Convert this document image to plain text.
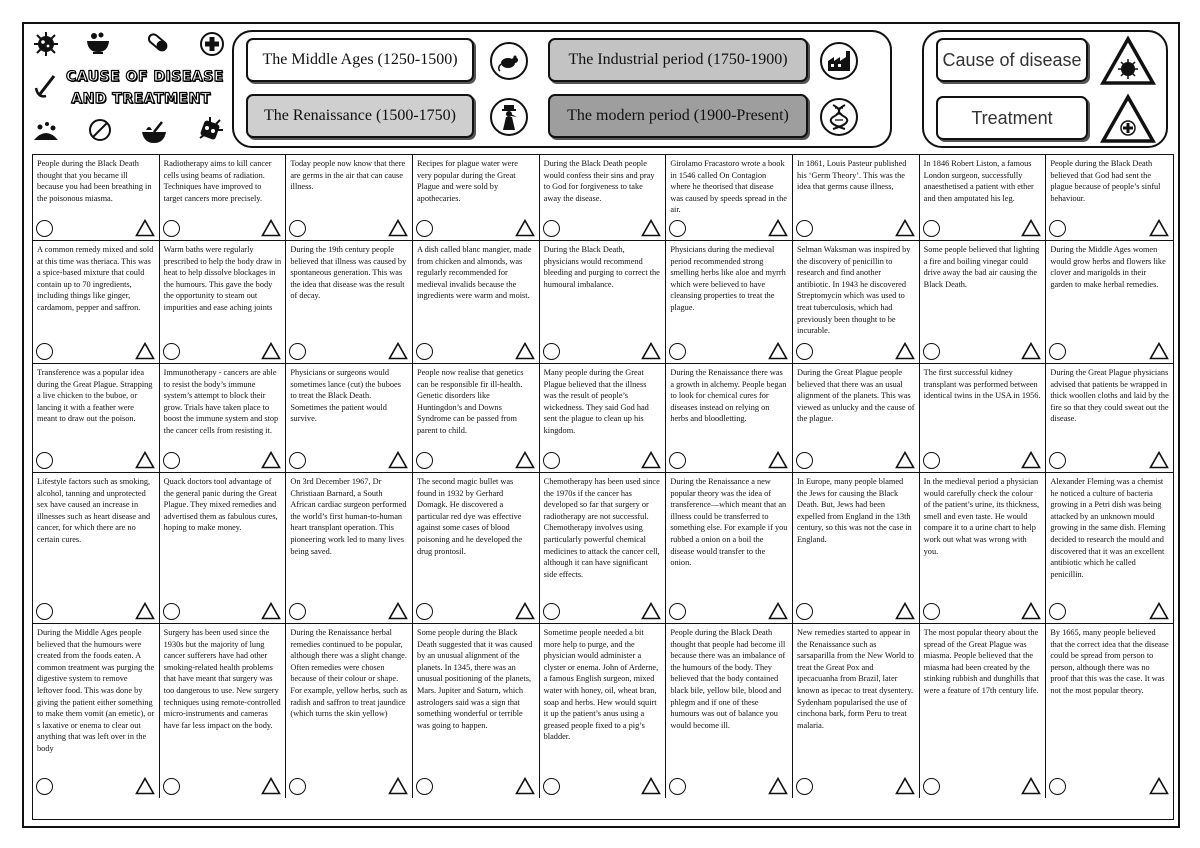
CAUSE OF DISEASE
AND TREATMENT
The Middle Ages (1250-1500)
The Renaissance (1500-1750)
The Industrial period (1750-1900)
The modern period (1900-Present)
Cause of disease
Treatment
People during the Black Death thought that you became ill because you had been breathing in the poisonous miasma.
Radiotherapy aims to kill cancer cells using beams of radiation. Techniques have improved to target cancers more precisely.
Today people now know that there are germs in the air that can cause illness.
Recipes for plague water were very popular during the Great Plague and were sold by apothecaries.
During the Black Death people would confess their sins and pray to God for forgiveness to take away the disease.
Girolamo Fracastoro wrote a book in 1546 called On Contagion where he theorised that disease was caused by speeds spread in the air.
In 1861, Louis Pasteur published his ‘Germ Theory’. This was the idea that germs cause illness,
In 1846 Robert Liston, a famous London surgeon, successfully anaesthetised a patient with ether and then amputated his leg.
People during the Black Death believed that God had sent the plague because of people’s sinful behaviour.
A common remedy mixed and sold at this time was theriaca. This was a spice-based mixture that could contain up to 70 ingredients, including things like ginger, cardamom, pepper and saffron.
Warm baths were regularly prescribed to help the body draw in heat to help dissolve blockages in the humours. This gave the body the opportunity to steam out impurities and ease aching joints
During the 19th century people believed that illness was caused by spontaneous generation. This was the idea that disease was the result of decay.
A dish called blanc mangier, made from chicken and almonds, was regularly recommended for medieval invalids because the ingredients were warm and moist.
During the Black Death, physicians would recommend bleeding and purging to correct the humoural imbalance.
Physicians during the medieval period recommended strong smelling herbs like aloe and myrrh which were believed to have cleansing properties to treat the plague.
Selman Waksman was inspired by the discovery of penicillin to research and find another antibiotic. In 1943 he discovered Streptomycin which was used to treat tuberculosis, which had previously been thought to be incurable.
Some people believed that lighting a fire and boiling vinegar could drive away the bad air causing the Black Death.
During the Middle Ages women would grow herbs and flowers like clover and marigolds in their garden to make herbal remedies.
Transference was a popular idea during the Great Plague. Strapping a live chicken to the buboe, or lancing it with a feather were meant to draw out the poison.
Immunotherapy - cancers are able to resist the body’s immune system’s attempt to block their grow. Trials have taken place to boost the immune system and stop the cancer cells from resisting it.
Physicians or surgeons would sometimes lance (cut) the buboes to treat the Black Death. Sometimes the patient would survive.
People now realise that genetics can be responsible fir ill-health. Genetic disorders like Huntingdon’s and Downs Syndrome can be passed from parent to child.
Many people during the Great Plague believed that the illness was the result of people’s wickedness. They said God had sent the plague to clean up his kingdom.
During the Renaissance there was a growth in alchemy. People began to look for chemical cures for diseases instead on relying on herbs and bloodletting.
During the Great Plague people believed that there was an usual alignment of the planets. This was viewed as unlucky and the cause of the plague.
The first successful kidney transplant was performed between identical twins in the USA in 1956.
During the Great Plague physicians advised that patients be wrapped in thick woollen cloths and laid by the fire so that they could sweat out the disease.
Lifestyle factors such as smoking, alcohol, tanning and unprotected sex have caused an increase in illnesses such as heart disease and cancer, for which there are no certain cures.
Quack doctors tool advantage of the general panic during the Great Plague. They mixed remedies and advertised them as fabulous cures, hoping to make money.
On 3rd December 1967, Dr Christiaan Barnard, a South African cardiac surgeon performed the world’s first human-to-human heart transplant operation. This pioneering work led to many lives being saved.
The second magic bullet was found in 1932 by Gerhard Domagk. He discovered a particular red dye was effective against some cases of blood poisoning and he developed the drug prontosil.
Chemotherapy has been used since the 1970s if the cancer has developed so far that surgery or radiotherapy are not successful. Chemotherapy involves using particularly powerful chemical medicines to attack the cancer cell, although it can have significant side effects.
During the Renaissance a new popular theory was the idea of transference—which meant that an illness could be transferred to something else. For example if you rubbed a onion on a boil the disease would transfer to the onion.
In Europe, many people blamed the Jews for causing the Black Death. But, Jews had been expelled from England in the 13th century, so this was not the case in England.
In the medieval period a physician would carefully check the colour of the patient’s urine, its thickness, smell and even taste. He would compare it to a urine chart to help work out what was wrong with you.
Alexander Fleming was a chemist he noticed a culture of bacteria growing in a Petri dish was being attacked by an unknown mould growing in the same dish. Fleming decided to research the mould and discovered that it was an excellent antibiotic which he called penicillin.
During the Middle Ages people believed that the humours were created from the foods eaten. A common treatment was purging the digestive system to remove leftover food. This was done by giving the patient either something to make them vomit (an emetic), or s laxative or enema to clear out anything that was left over in the body
Surgery has been used since the 1930s but the majority of lung cancer sufferers have had other smoking-related health problems that have meant that surgery was too dangerous to use. New surgery techniques using remote-controlled micro-instruments and cameras have far less impact on the body.
During the Renaissance herbal remedies continued to be popular, although there was a slight change. Often remedies were chosen because of their colour or shape. For example, yellow herbs, such as radish and saffron to treat jaundice (which turns the skin yellow)
Some people during the Black Death suggested that it was caused by an unusual alignment of the planets. In 1345, there was an unusual positioning of the planets, Mars. Jupiter and Saturn, which astrologers said was a sign that something wonderful or terrible was going to happen.
Sometime people needed a bit more help to purge, and the physician would administer a clyster or enema. John of Arderne, a famous English surgeon, mixed water with honey, oil, wheat bran, soap and herbs. Hew would squirt it up the patient’s anus using a greased people fixed to a pig’s bladder.
People during the Black Death thought that people had become ill because there was an imbalance of the humours of the body. They believed that the body contained black bile, yellow bile, blood and phlegm and if one of these humours was out of balance you would become ill.
New remedies started to appear in the Renaissance such as sarsaparilla from the New World to treat the Great Pox and ipecacuanha from Brazil, later known as ipecac to treat dysentery. Sydenham popularised the use of cinchona bark, form Peru to treat malaria.
The most popular theory about the spread of the Great Plague was miasma. People believed that the miasma had been created by the stinking rubbish and dunghills that were a feature of 17th century life.
By 1665, many people believed that the correct idea that the disease could be spread from person to person, although there was no proof that this was the case. It was not the most popular theory.
